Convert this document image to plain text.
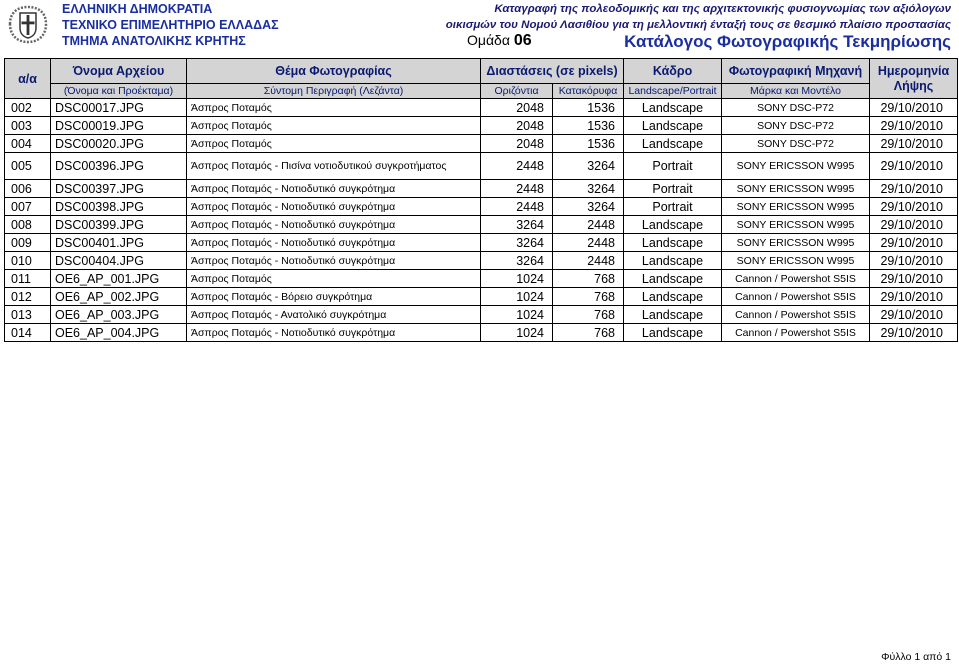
ΕΛΛΗΝΙΚΗ ΔΗΜΟΚΡΑΤΙΑ
ΤΕΧΝΙΚΟ ΕΠΙΜΕΛΗΤΗΡΙΟ ΕΛΛΑΔΑΣ
ΤΜΗΜΑ ΑΝΑΤΟΛΙΚΗΣ ΚΡΗΤΗΣ	Ομάδα 06
Καταγραφή της πολεοδομικής και της αρχιτεκτονικής φυσιογνωμίας των αξιόλογων
οικισμών του Νομού Λασιθίου για τη μελλοντική ένταξή τους σε θεσμικό πλαίσιο προστασίας
Κατάλογος Φωτογραφικής Τεκμηρίωσης
α/α	Όνομα Αρχείου	Θέμα Φωτογραφίας	Διαστάσεις (σε pixels)		Κάδρο	Φωτογραφική Μηχανή	Ημερομηνία Λήψης
	(Όνομα και Προέκταμα)	Σύντομη Περιγραφή (Λεζάντα)	Οριζόντια	Κατακόρυφα	Landscape/Portrait	Μάρκα και Μοντέλο	
002	DSC00017.JPG	Άσπρος Ποταμός	2048	1536	Landscape	SONY DSC-P72	29/10/2010
003	DSC00019.JPG	Άσπρος Ποταμός	2048	1536	Landscape	SONY DSC-P72	29/10/2010
004	DSC00020.JPG	Άσπρος Ποταμός	2048	1536	Landscape	SONY DSC-P72	29/10/2010
005	DSC00396.JPG	Άσπρος Ποταμός - Πισίνα νοτιοδυτικού συγκροτήματος	2448	3264	Portrait	SONY ERICSSON W995	29/10/2010
006	DSC00397.JPG	Άσπρος Ποταμός - Νοτιοδυτικό συγκρότημα	2448	3264	Portrait	SONY ERICSSON W995	29/10/2010
007	DSC00398.JPG	Άσπρος Ποταμός - Νοτιοδυτικό συγκρότημα	2448	3264	Portrait	SONY ERICSSON W995	29/10/2010
008	DSC00399.JPG	Άσπρος Ποταμός - Νοτιοδυτικό συγκρότημα	3264	2448	Landscape	SONY ERICSSON W995	29/10/2010
009	DSC00401.JPG	Άσπρος Ποταμός - Νοτιοδυτικό συγκρότημα	3264	2448	Landscape	SONY ERICSSON W995	29/10/2010
010	DSC00404.JPG	Άσπρος Ποταμός - Νοτιοδυτικό συγκρότημα	3264	2448	Landscape	SONY ERICSSON W995	29/10/2010
011	OE6_AP_001.JPG	Άσπρος Ποταμός	1024	768	Landscape	Cannon / Powershot S5IS	29/10/2010
012	OE6_AP_002.JPG	Άσπρος Ποταμός - Βόρειο συγκρότημα	1024	768	Landscape	Cannon / Powershot S5IS	29/10/2010
013	OE6_AP_003.JPG	Άσπρος Ποταμός - Ανατολικό συγκρότημα	1024	768	Landscape	Cannon / Powershot S5IS	29/10/2010
014	OE6_AP_004.JPG	Άσπρος Ποταμός - Νοτιοδυτικό συγκρότημα	1024	768	Landscape	Cannon / Powershot S5IS	29/10/2010
Φύλλο 1 από 1
